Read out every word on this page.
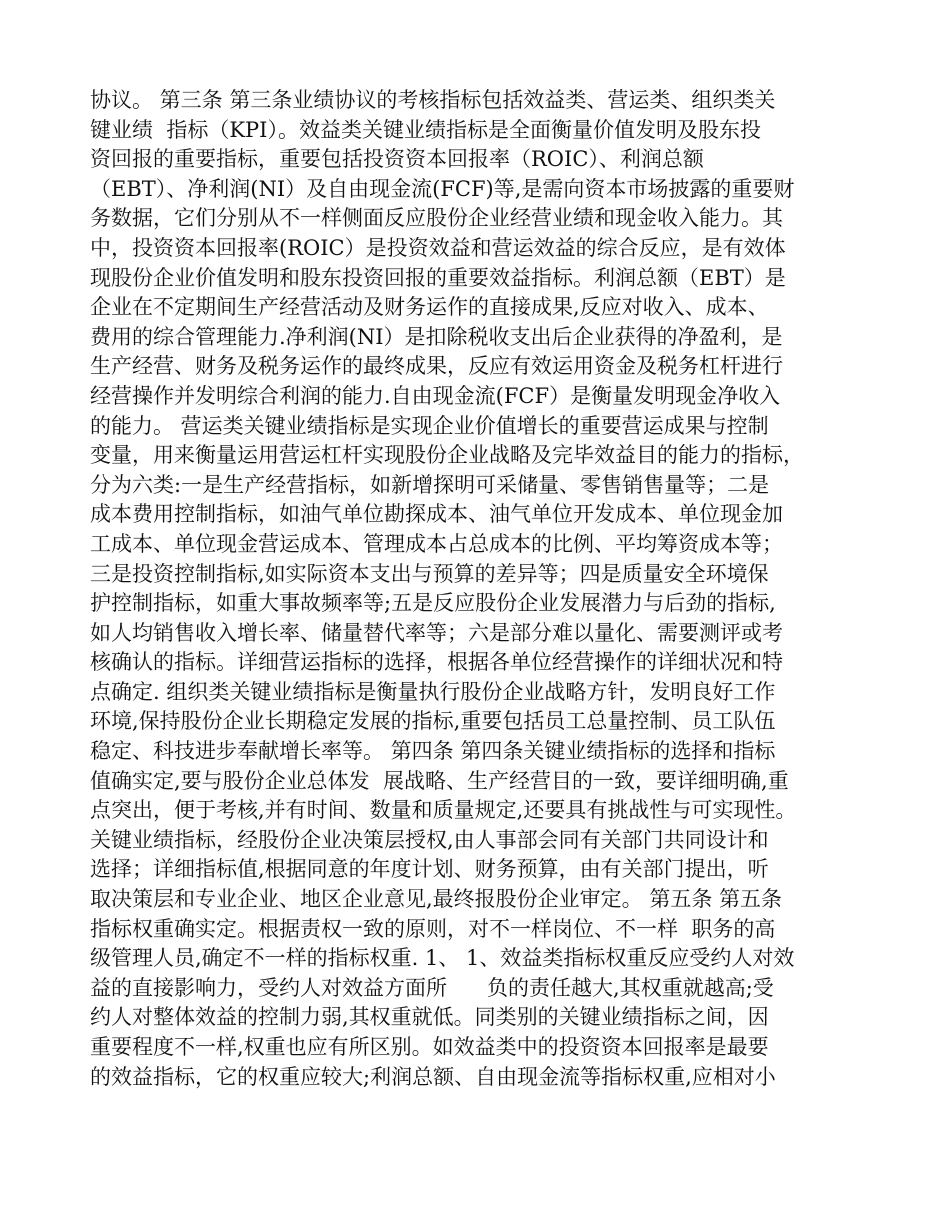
协议。 第三条 第三条业绩协议的考核指标包括效益类、营运类、组织类关
键业绩  指标（KPI）。效益类关键业绩指标是全面衡量价值发明及股东投
资回报的重要指标，重要包括投资资本回报率（ROIC）、利润总额
（EBT）、净利润(NI）及自由现金流(FCF)等,是需向资本市场披露的重要财
务数据，它们分别从不一样侧面反应股份企业经营业绩和现金收入能力。其
中，投资资本回报率(ROIC）是投资效益和营运效益的综合反应，是有效体
现股份企业价值发明和股东投资回报的重要效益指标。利润总额（EBT）是
企业在不定期间生产经营活动及财务运作的直接成果,反应对收入、成本、
费用的综合管理能力.净利润(NI）是扣除税收支出后企业获得的净盈利，是
生产经营、财务及税务运作的最终成果，反应有效运用资金及税务杠杆进行
经营操作并发明综合利润的能力.自由现金流(FCF）是衡量发明现金净收入
的能力。 营运类关键业绩指标是实现企业价值增长的重要营运成果与控制
变量，用来衡量运用营运杠杆实现股份企业战略及完毕效益目的能力的指标，
分为六类:一是生产经营指标，如新增探明可采储量、零售销售量等；二是
成本费用控制指标，如油气单位勘探成本、油气单位开发成本、单位现金加
工成本、单位现金营运成本、管理成本占总成本的比例、平均筹资成本等；
三是投资控制指标,如实际资本支出与预算的差异等；四是质量安全环境保
护控制指标，如重大事故频率等;五是反应股份企业发展潜力与后劲的指标,
如人均销售收入增长率、储量替代率等；六是部分难以量化、需要测评或考
核确认的指标。详细营运指标的选择，根据各单位经营操作的详细状况和特
点确定. 组织类关键业绩指标是衡量执行股份企业战略方针，发明良好工作
环境,保持股份企业长期稳定发展的指标,重要包括员工总量控制、员工队伍
稳定、科技进步奉献增长率等。 第四条 第四条关键业绩指标的选择和指标
值确实定,要与股份企业总体发  展战略、生产经营目的一致，要详细明确,重
点突出，便于考核,并有时间、数量和质量规定,还要具有挑战性与可实现性。
关键业绩指标，经股份企业决策层授权,由人事部会同有关部门共同设计和
选择；详细指标值,根据同意的年度计划、财务预算，由有关部门提出，听
取决策层和专业企业、地区企业意见,最终报股份企业审定。 第五条 第五条
指标权重确实定。根据责权一致的原则，对不一样岗位、不一样  职务的高
级管理人员,确定不一样的指标权重. 1、 1、效益类指标权重反应受约人对效
益的直接影响力，受约人对效益方面所      负的责任越大,其权重就越高;受
约人对整体效益的控制力弱,其权重就低。同类别的关键业绩指标之间，因
重要程度不一样,权重也应有所区别。如效益类中的投资资本回报率是最要
的效益指标，它的权重应较大;利润总额、自由现金流等指标权重,应相对小
